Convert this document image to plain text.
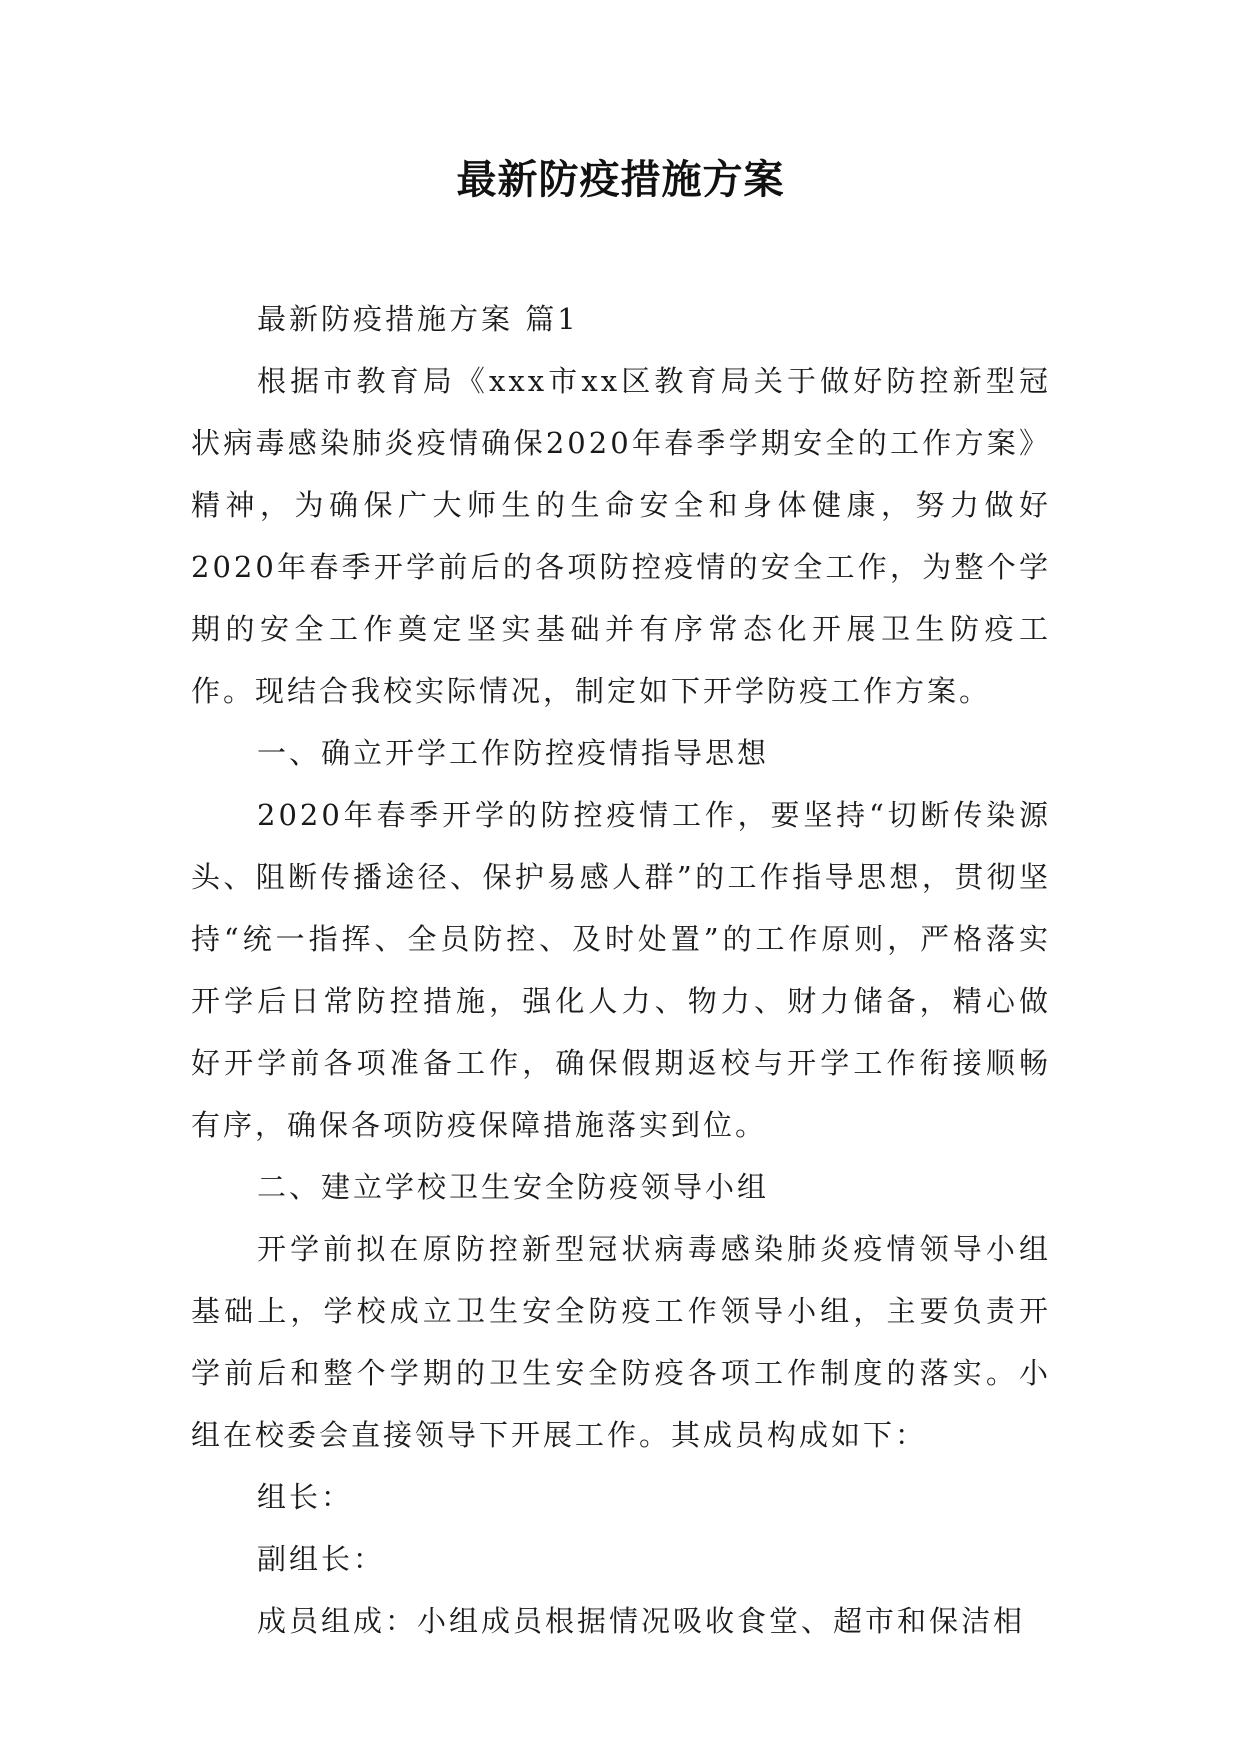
最新防疫措施方案

最新防疫措施方案 篇1

根据市教育局《xxx市xx区教育局关于做好防控新型冠状病毒感染肺炎疫情确保2020年春季学期安全的工作方案》精神，为确保广大师生的生命安全和身体健康，努力做好2020年春季开学前后的各项防控疫情的安全工作，为整个学期的安全工作奠定坚实基础并有序常态化开展卫生防疫工作。现结合我校实际情况，制定如下开学防疫工作方案。

一、确立开学工作防控疫情指导思想

2020年春季开学的防控疫情工作，要坚持“切断传染源头、阻断传播途径、保护易感人群”的工作指导思想，贯彻坚持“统一指挥、全员防控、及时处置”的工作原则，严格落实开学后日常防控措施，强化人力、物力、财力储备，精心做好开学前各项准备工作，确保假期返校与开学工作衔接顺畅有序，确保各项防疫保障措施落实到位。

二、建立学校卫生安全防疫领导小组

开学前拟在原防控新型冠状病毒感染肺炎疫情领导小组基础上，学校成立卫生安全防疫工作领导小组，主要负责开学前后和整个学期的卫生安全防疫各项工作制度的落实。小组在校委会直接领导下开展工作。其成员构成如下：

组长：

副组长：

成员组成：小组成员根据情况吸收食堂、超市和保洁相
